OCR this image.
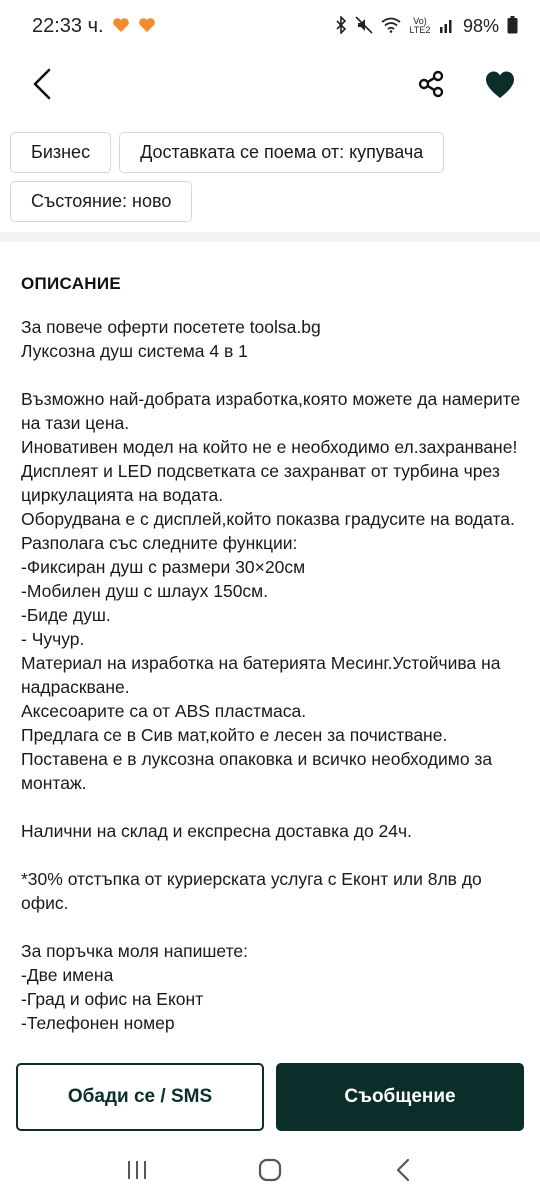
22:33 ч.	Vo) LTE2 98%
Бизнес	Доставката се поема от: купувача
Състояние: ново
ОПИСАНИЕ
За повече оферти посетете toolsa.bg
Луксозна душ система 4 в 1

Възможно най-добрата изработка,която можете да намерите на тази цена.
Иновативен модел на който не е необходимо ел.захранване!Дисплеят и LED подсветката се захранват от турбина чрез циркулацията на водата.
Оборудвана е с дисплей,който показва градусите на водата.
Разполага със следните функции:
-Фиксиран душ с размери 30×20см
-Мобилен душ с шлаух 150см.
-Биде душ.
- Чучур.
Материал на изработка на батерията Месинг.Устойчива на надраскване.
Аксесоарите са от ABS пластмаса.
Предлага се в Сив мат,който е лесен за почистване.
Поставена е в луксозна опаковка и всичко необходимо за монтаж.

Налични на склад и експресна доставка до 24ч.

*30% отстъпка от куриерската услуга с Еконт или 8лв до офис.

За поръчка моля напишете:
-Две имена
-Град и офис на Еконт
-Телефонен номер
Обади се / SMS	Съобщение
